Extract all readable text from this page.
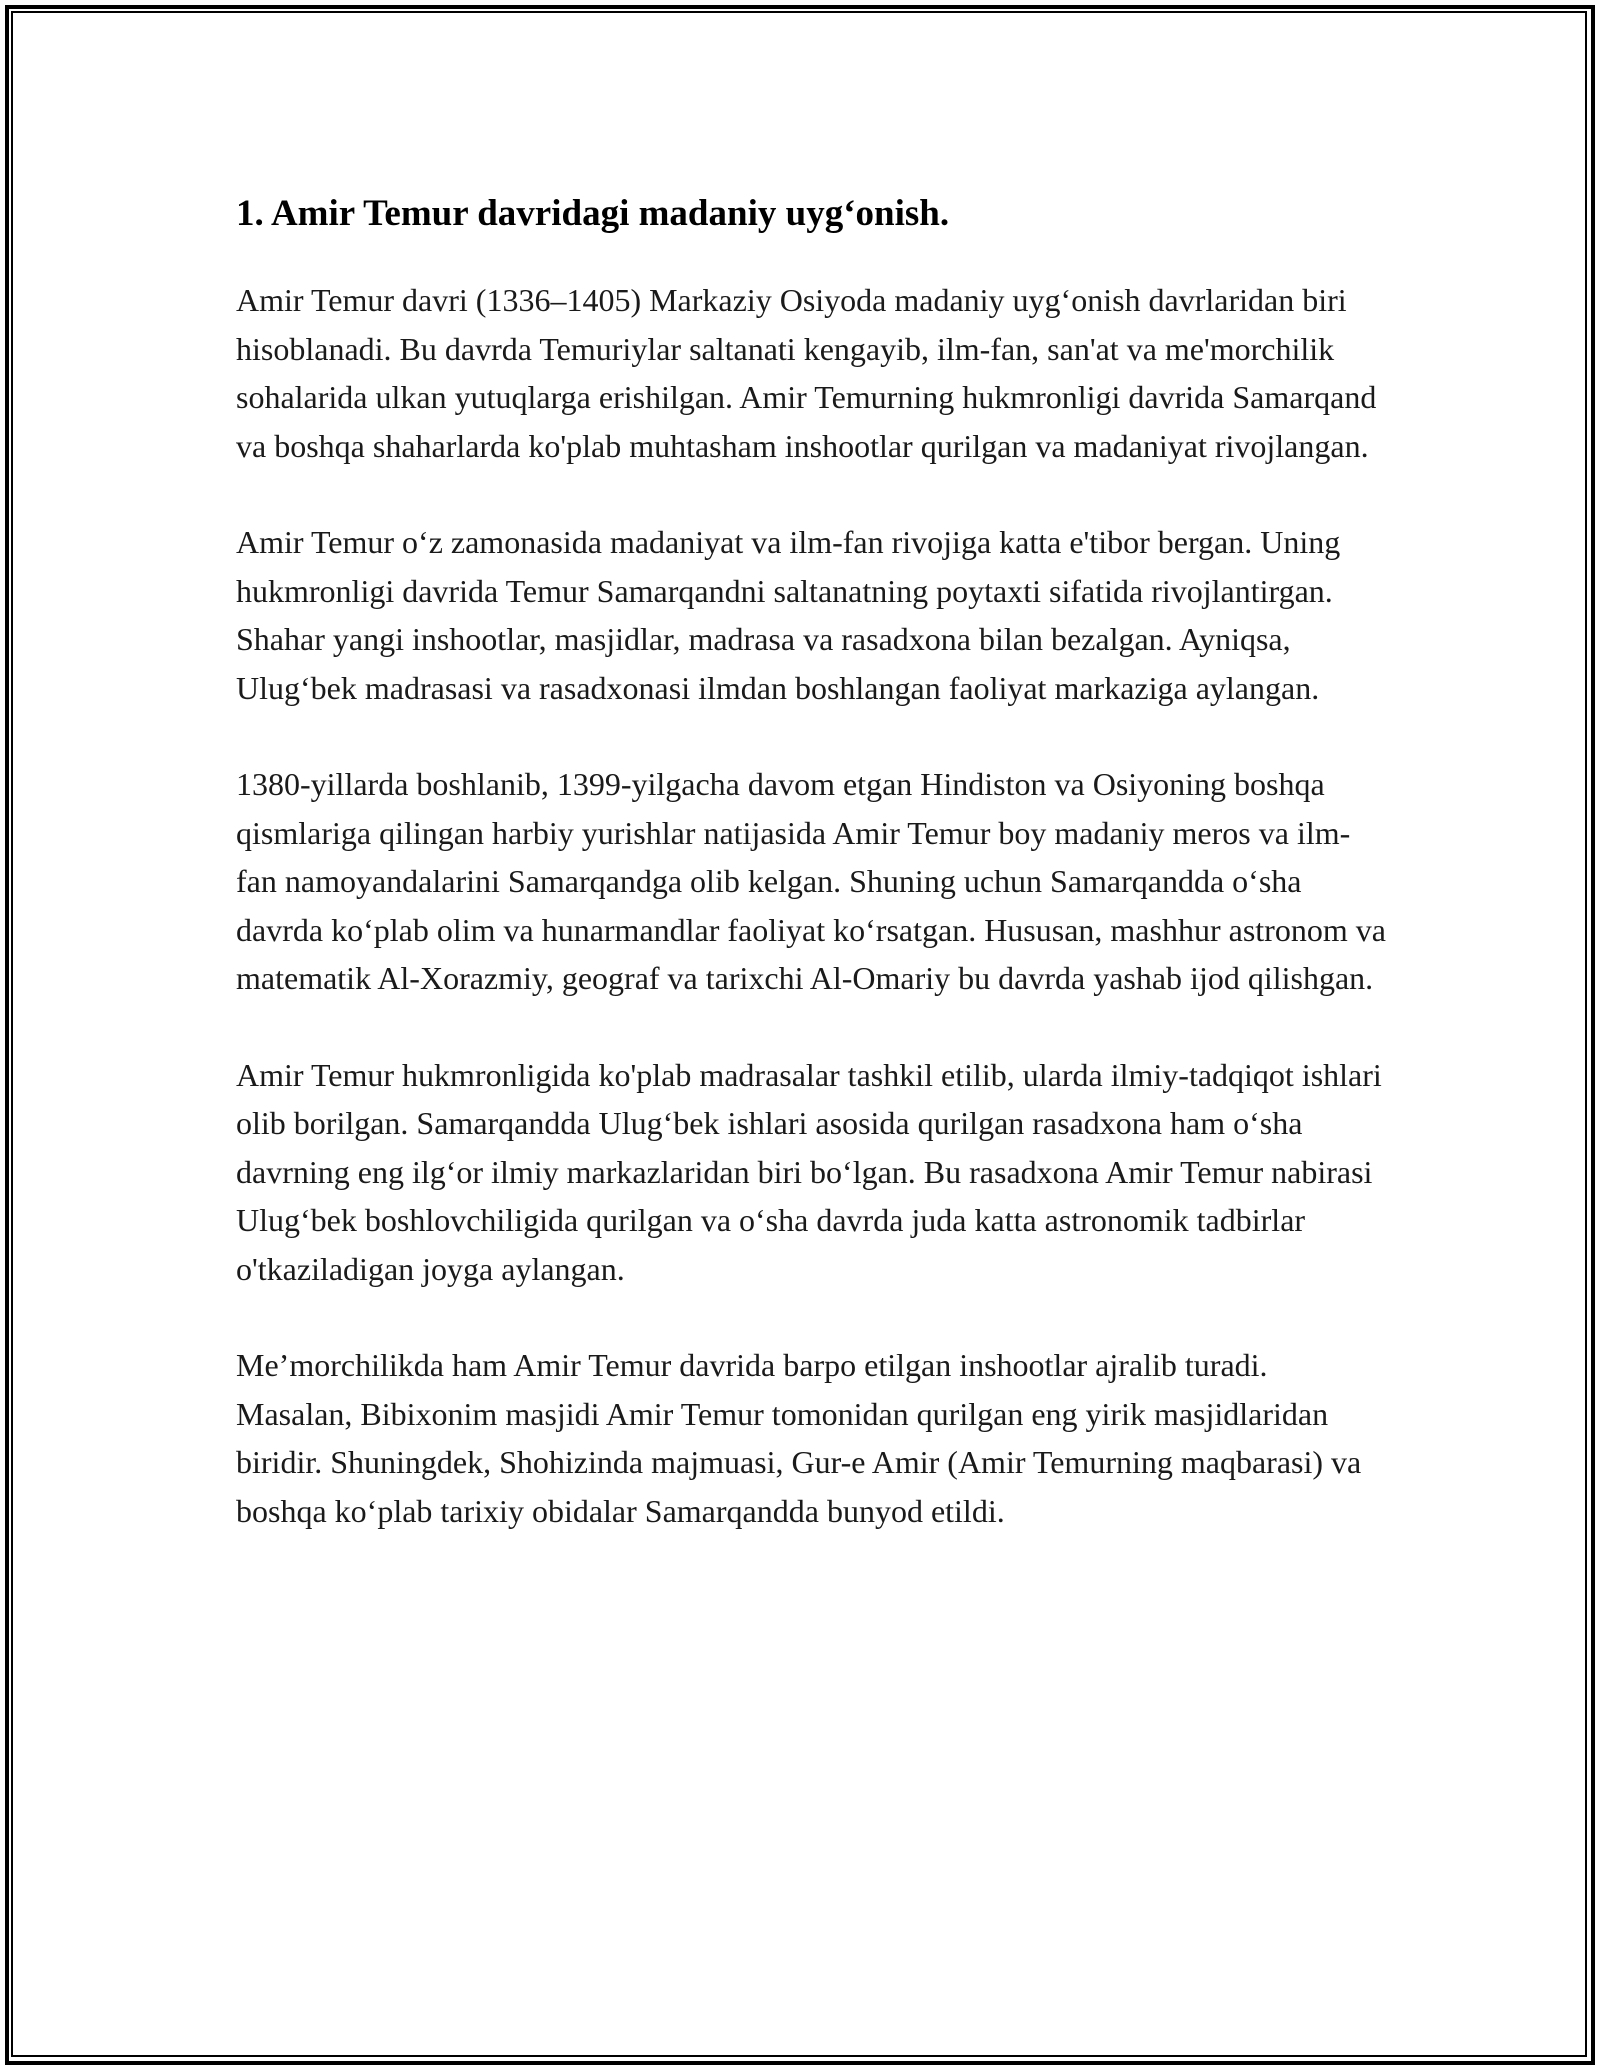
1. Amir Temur davridagi madaniy uyg‘onish.

Amir Temur davri (1336–1405) Markaziy Osiyoda madaniy uyg‘onish davrlaridan biri hisoblanadi. Bu davrda Temuriylar saltanati kengayib, ilm-fan, san'at va me'morchilik sohalarida ulkan yutuqlarga erishilgan. Amir Temurning hukmronligi davrida Samarqand va boshqa shaharlarda ko'plab muhtasham inshootlar qurilgan va madaniyat rivojlangan.

Amir Temur o‘z zamonasida madaniyat va ilm-fan rivojiga katta e'tibor bergan. Uning hukmronligi davrida Temur Samarqandni saltanatning poytaxti sifatida rivojlantirgan. Shahar yangi inshootlar, masjidlar, madrasa va rasadxona bilan bezalgan. Ayniqsa, Ulug‘bek madrasasi va rasadxonasi ilmdan boshlangan faoliyat markaziga aylangan.

1380-yillarda boshlanib, 1399-yilgacha davom etgan Hindiston va Osiyoning boshqa qismlariga qilingan harbiy yurishlar natijasida Amir Temur boy madaniy meros va ilm-fan namoyandalarini Samarqandga olib kelgan. Shuning uchun Samarqandda o‘sha davrda ko‘plab olim va hunarmandlar faoliyat ko‘rsatgan. Hususan, mashhur astronom va matematik Al-Xorazmiy, geograf va tarixchi Al-Omariy bu davrda yashab ijod qilishgan.

Amir Temur hukmronligida ko'plab madrasalar tashkil etilib, ularda ilmiy-tadqiqot ishlari olib borilgan. Samarqandda Ulug‘bek ishlari asosida qurilgan rasadxona ham o‘sha davrning eng ilg‘or ilmiy markazlaridan biri bo‘lgan. Bu rasadxona Amir Temur nabirasi Ulug‘bek boshlovchiligida qurilgan va o‘sha davrda juda katta astronomik tadbirlar o'tkaziladigan joyga aylangan.

Me’morchilikda ham Amir Temur davrida barpo etilgan inshootlar ajralib turadi. Masalan, Bibixonim masjidi Amir Temur tomonidan qurilgan eng yirik masjidlaridan biridir. Shuningdek, Shohizinda majmuasi, Gur-e Amir (Amir Temurning maqbarasi) va boshqa ko‘plab tarixiy obidalar Samarqandda bunyod etildi.
